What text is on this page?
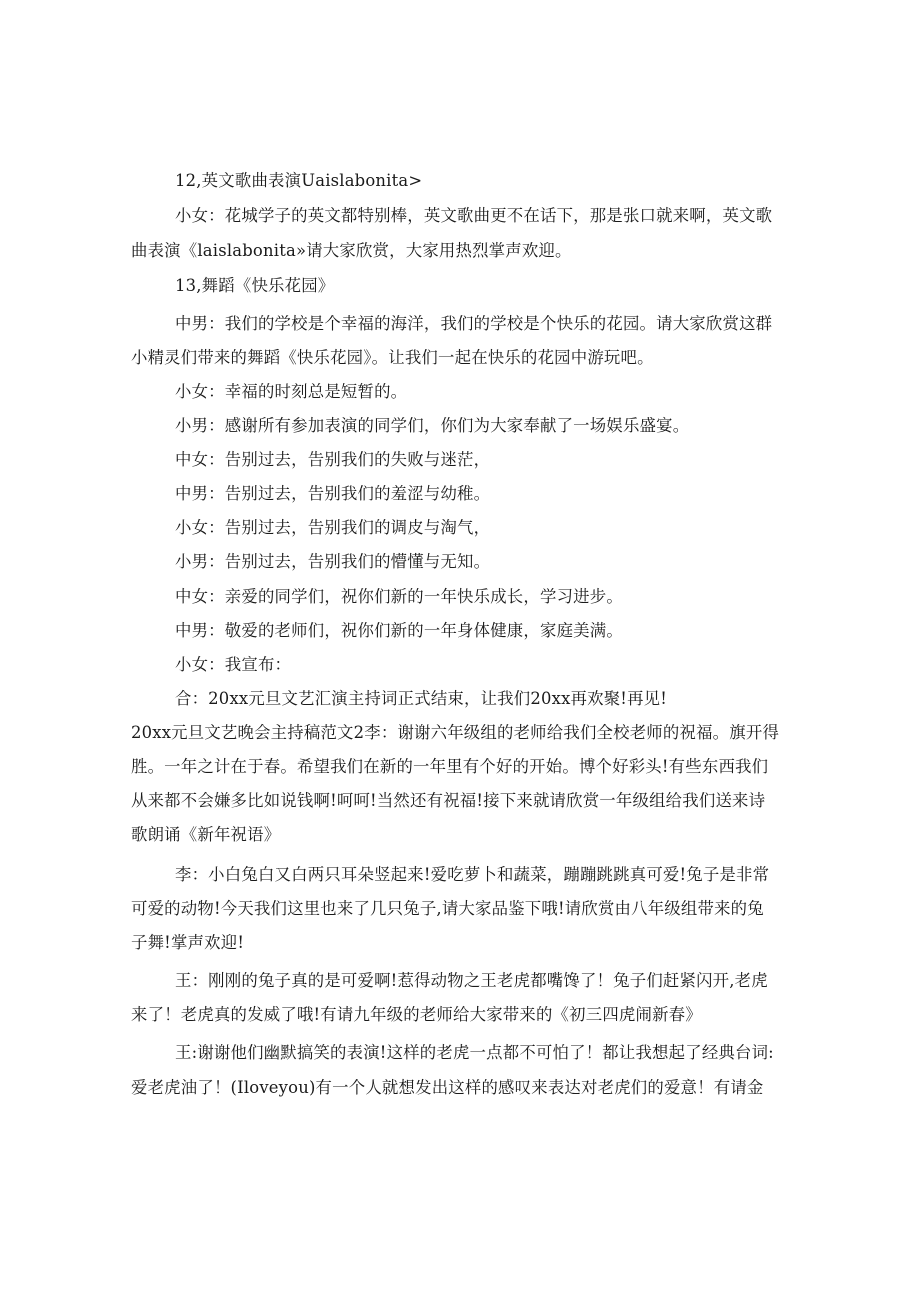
12,英文歌曲表演Uaislabonita>
小女：花城学子的英文都特别棒，英文歌曲更不在话下，那是张口就来啊，英文歌
曲表演《laislabonita»请大家欣赏，大家用热烈掌声欢迎。
13,舞蹈《快乐花园》
中男：我们的学校是个幸福的海洋，我们的学校是个快乐的花园。请大家欣赏这群
小精灵们带来的舞蹈《快乐花园》。让我们一起在快乐的花园中游玩吧。
小女：幸福的时刻总是短暂的。
小男：感谢所有参加表演的同学们，你们为大家奉献了一场娱乐盛宴。
中女：告别过去，告别我们的失败与迷茫，
中男：告别过去，告别我们的羞涩与幼稚。
小女：告别过去，告别我们的调皮与淘气，
小男：告别过去，告别我们的懵懂与无知。
中女：亲爱的同学们，祝你们新的一年快乐成长，学习进步。
中男：敬爱的老师们，祝你们新的一年身体健康，家庭美满。
小女：我宣布：
合：20xx元旦文艺汇演主持词正式结束，让我们20xx再欢聚!再见!
20xx元旦文艺晚会主持稿范文2李：谢谢六年级组的老师给我们全校老师的祝福。旗开得
胜。一年之计在于春。希望我们在新的一年里有个好的开始。博个好彩头!有些东西我们
从来都不会嫌多比如说钱啊!呵呵!当然还有祝福!接下来就请欣赏一年级组给我们送来诗
歌朗诵《新年祝语》
李：小白兔白又白两只耳朵竖起来!爱吃萝卜和蔬菜，蹦蹦跳跳真可爱!兔子是非常
可爱的动物!今天我们这里也来了几只兔子,请大家品鉴下哦!请欣赏由八年级组带来的兔
子舞!掌声欢迎!
王：刚刚的兔子真的是可爱啊!惹得动物之王老虎都嘴馋了！兔子们赶紧闪开,老虎
来了！老虎真的发威了哦!有请九年级的老师给大家带来的《初三四虎闹新春》
王:谢谢他们幽默搞笑的表演!这样的老虎一点都不可怕了！都让我想起了经典台词:
爱老虎油了！(Iloveyou)有一个人就想发出这样的感叹来表达对老虎们的爱意！有请金
